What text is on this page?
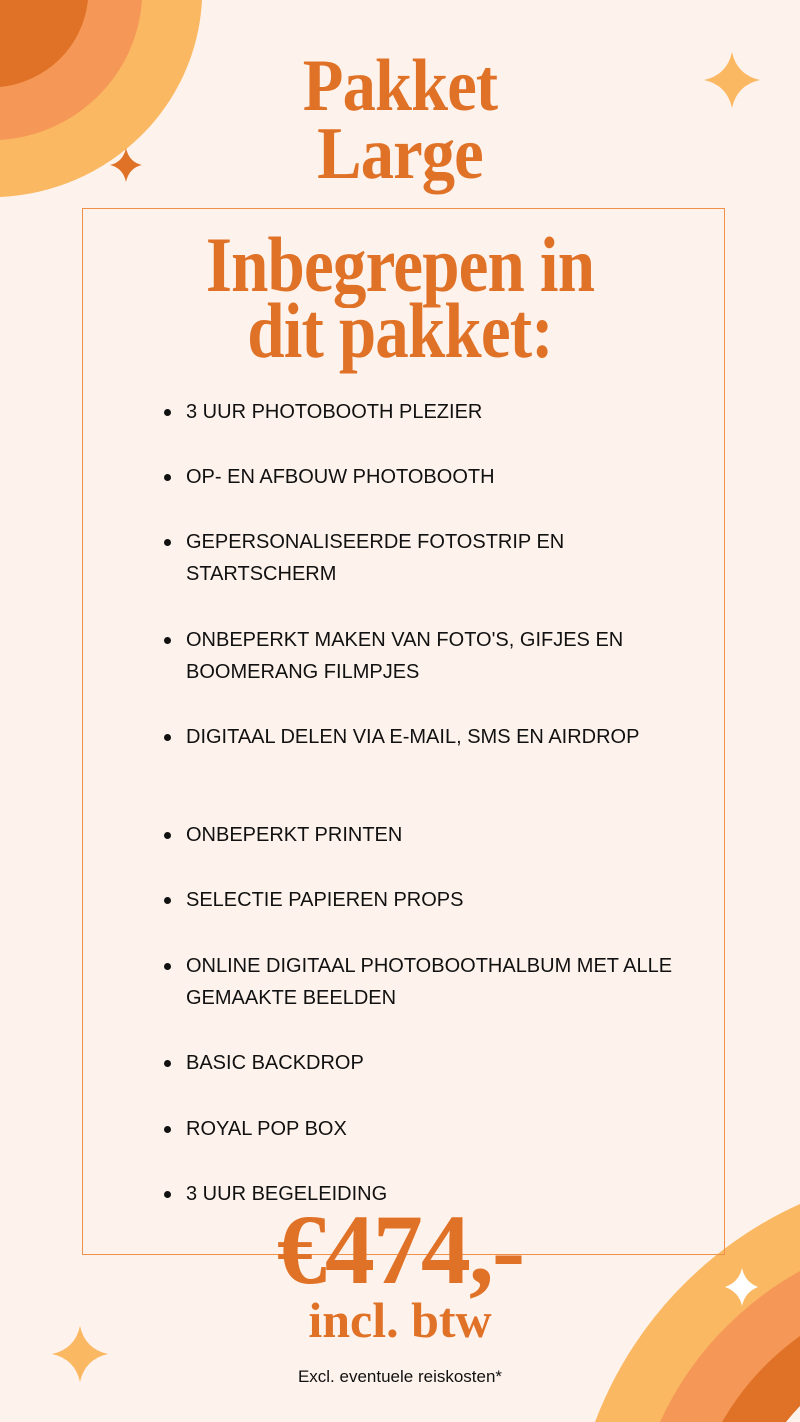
Pakket
Large
Inbegrepen in
dit pakket:
3 UUR PHOTOBOOTH PLEZIER
OP- EN AFBOUW PHOTOBOOTH
GEPERSONALISEERDE FOTOSTRIP EN STARTSCHERM
ONBEPERKT MAKEN VAN FOTO'S, GIFJES EN BOOMERANG FILMPJES
DIGITAAL DELEN VIA E-MAIL, SMS EN AIRDROP
ONBEPERKT PRINTEN
SELECTIE PAPIEREN PROPS
ONLINE DIGITAAL PHOTOBOOTHALBUM MET ALLE GEMAAKTE BEELDEN
BASIC BACKDROP
ROYAL POP BOX
3 UUR BEGELEIDING
€474,-
incl. btw
Excl. eventuele reiskosten*
